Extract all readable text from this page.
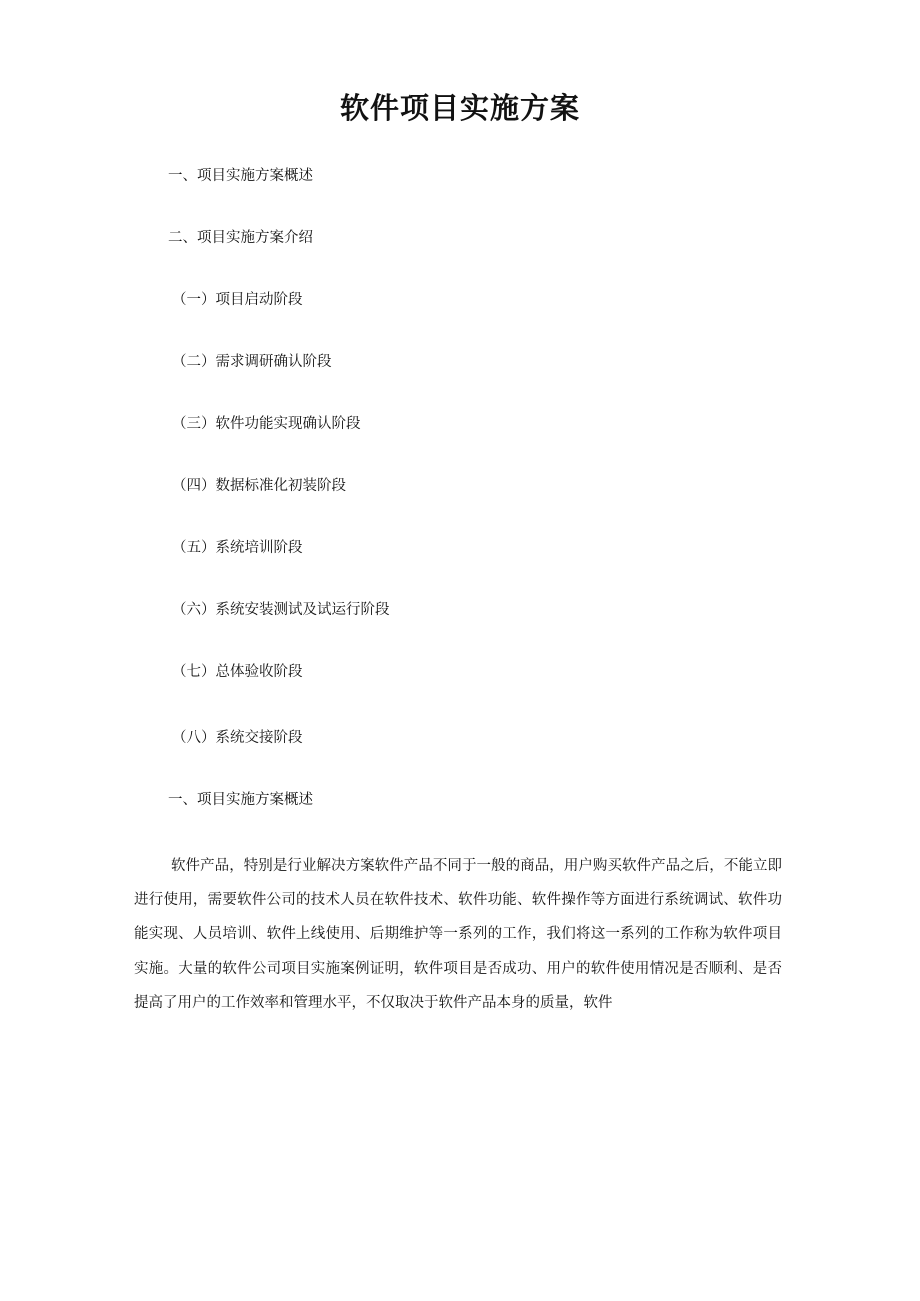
软件项目实施方案

一、项目实施方案概述

二、项目实施方案介绍

（一）项目启动阶段

（二）需求调研确认阶段

（三）软件功能实现确认阶段

（四）数据标准化初装阶段

（五）系统培训阶段

（六）系统安装测试及试运行阶段

（七）总体验收阶段

（八）系统交接阶段

一、项目实施方案概述

软件产品，特别是行业解决方案软件产品不同于一般的商品，用户购买软件产品之后，不能立即进行使用，需要软件公司的技术人员在软件技术、软件功能、软件操作等方面进行系统调试、软件功能实现、人员培训、软件上线使用、后期维护等一系列的工作，我们将这一系列的工作称为软件项目实施。大量的软件公司项目实施案例证明，软件项目是否成功、用户的软件使用情况是否顺利、是否提高了用户的工作效率和管理水平，不仅取决于软件产品本身的质量，软件
